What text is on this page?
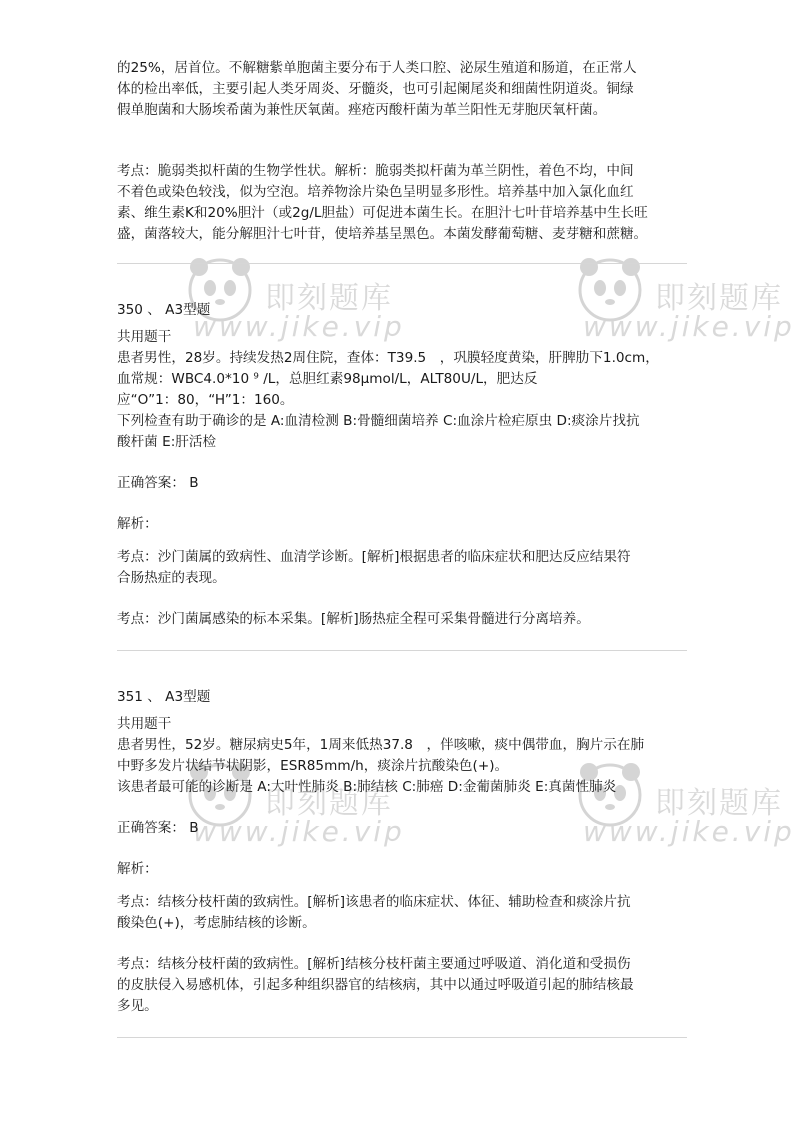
即刻题库
www.jike.vip
即刻题库
www.jike.vip
即刻题库
www.jike.vip
即刻题库
www.jike.vip

的25%，居首位。不解糖紫单胞菌主要分布于人类口腔、泌尿生殖道和肠道，在正常人

体的检出率低，主要引起人类牙周炎、牙髓炎，也可引起阑尾炎和细菌性阴道炎。铜绿

假单胞菌和大肠埃希菌为兼性厌氧菌。痤疮丙酸杆菌为革兰阳性无芽胞厌氧杆菌。

考点：脆弱类拟杆菌的生物学性状。解析：脆弱类拟杆菌为革兰阴性，着色不均，中间

不着色或染色较浅，似为空泡。培养物涂片染色呈明显多形性。培养基中加入氯化血红

素、维生素K和20%胆汁（或2g/L胆盐）可促进本菌生长。在胆汁七叶苷培养基中生长旺

盛，菌落较大，能分解胆汁七叶苷，使培养基呈黑色。本菌发酵葡萄糖、麦芽糖和蔗糖。

350 、 A3型题

共用题干

患者男性，28岁。持续发热2周住院，查体：T39.5　，巩膜轻度黄染，肝脾肋下1.0cm，

血常规：WBC4.0*10 ⁹ /L，总胆红素98μmol/L，ALT80U/L，肥达反

应“O”1：80，“H”1：160。

下列检查有助于确诊的是 A:血清检测 B:骨髓细菌培养 C:血涂片检疟原虫 D:痰涂片找抗

酸杆菌 E:肝活检

正确答案： B

解析：

考点：沙门菌属的致病性、血清学诊断。[解析]根据患者的临床症状和肥达反应结果符

合肠热症的表现。

考点：沙门菌属感染的标本采集。[解析]肠热症全程可采集骨髓进行分离培养。

351 、 A3型题

共用题干

患者男性，52岁。糖尿病史5年，1周来低热37.8　，伴咳嗽，痰中偶带血，胸片示在肺

中野多发片状结节状阴影，ESR85mm/h，痰涂片抗酸染色(+)。

该患者最可能的诊断是 A:大叶性肺炎 B:肺结核 C:肺癌 D:金葡菌肺炎 E:真菌性肺炎

正确答案： B

解析：

考点：结核分枝杆菌的致病性。[解析]该患者的临床症状、体征、辅助检查和痰涂片抗

酸染色(+)，考虑肺结核的诊断。

考点：结核分枝杆菌的致病性。[解析]结核分枝杆菌主要通过呼吸道、消化道和受损伤

的皮肤侵入易感机体，引起多种组织器官的结核病，其中以通过呼吸道引起的肺结核最

多见。
